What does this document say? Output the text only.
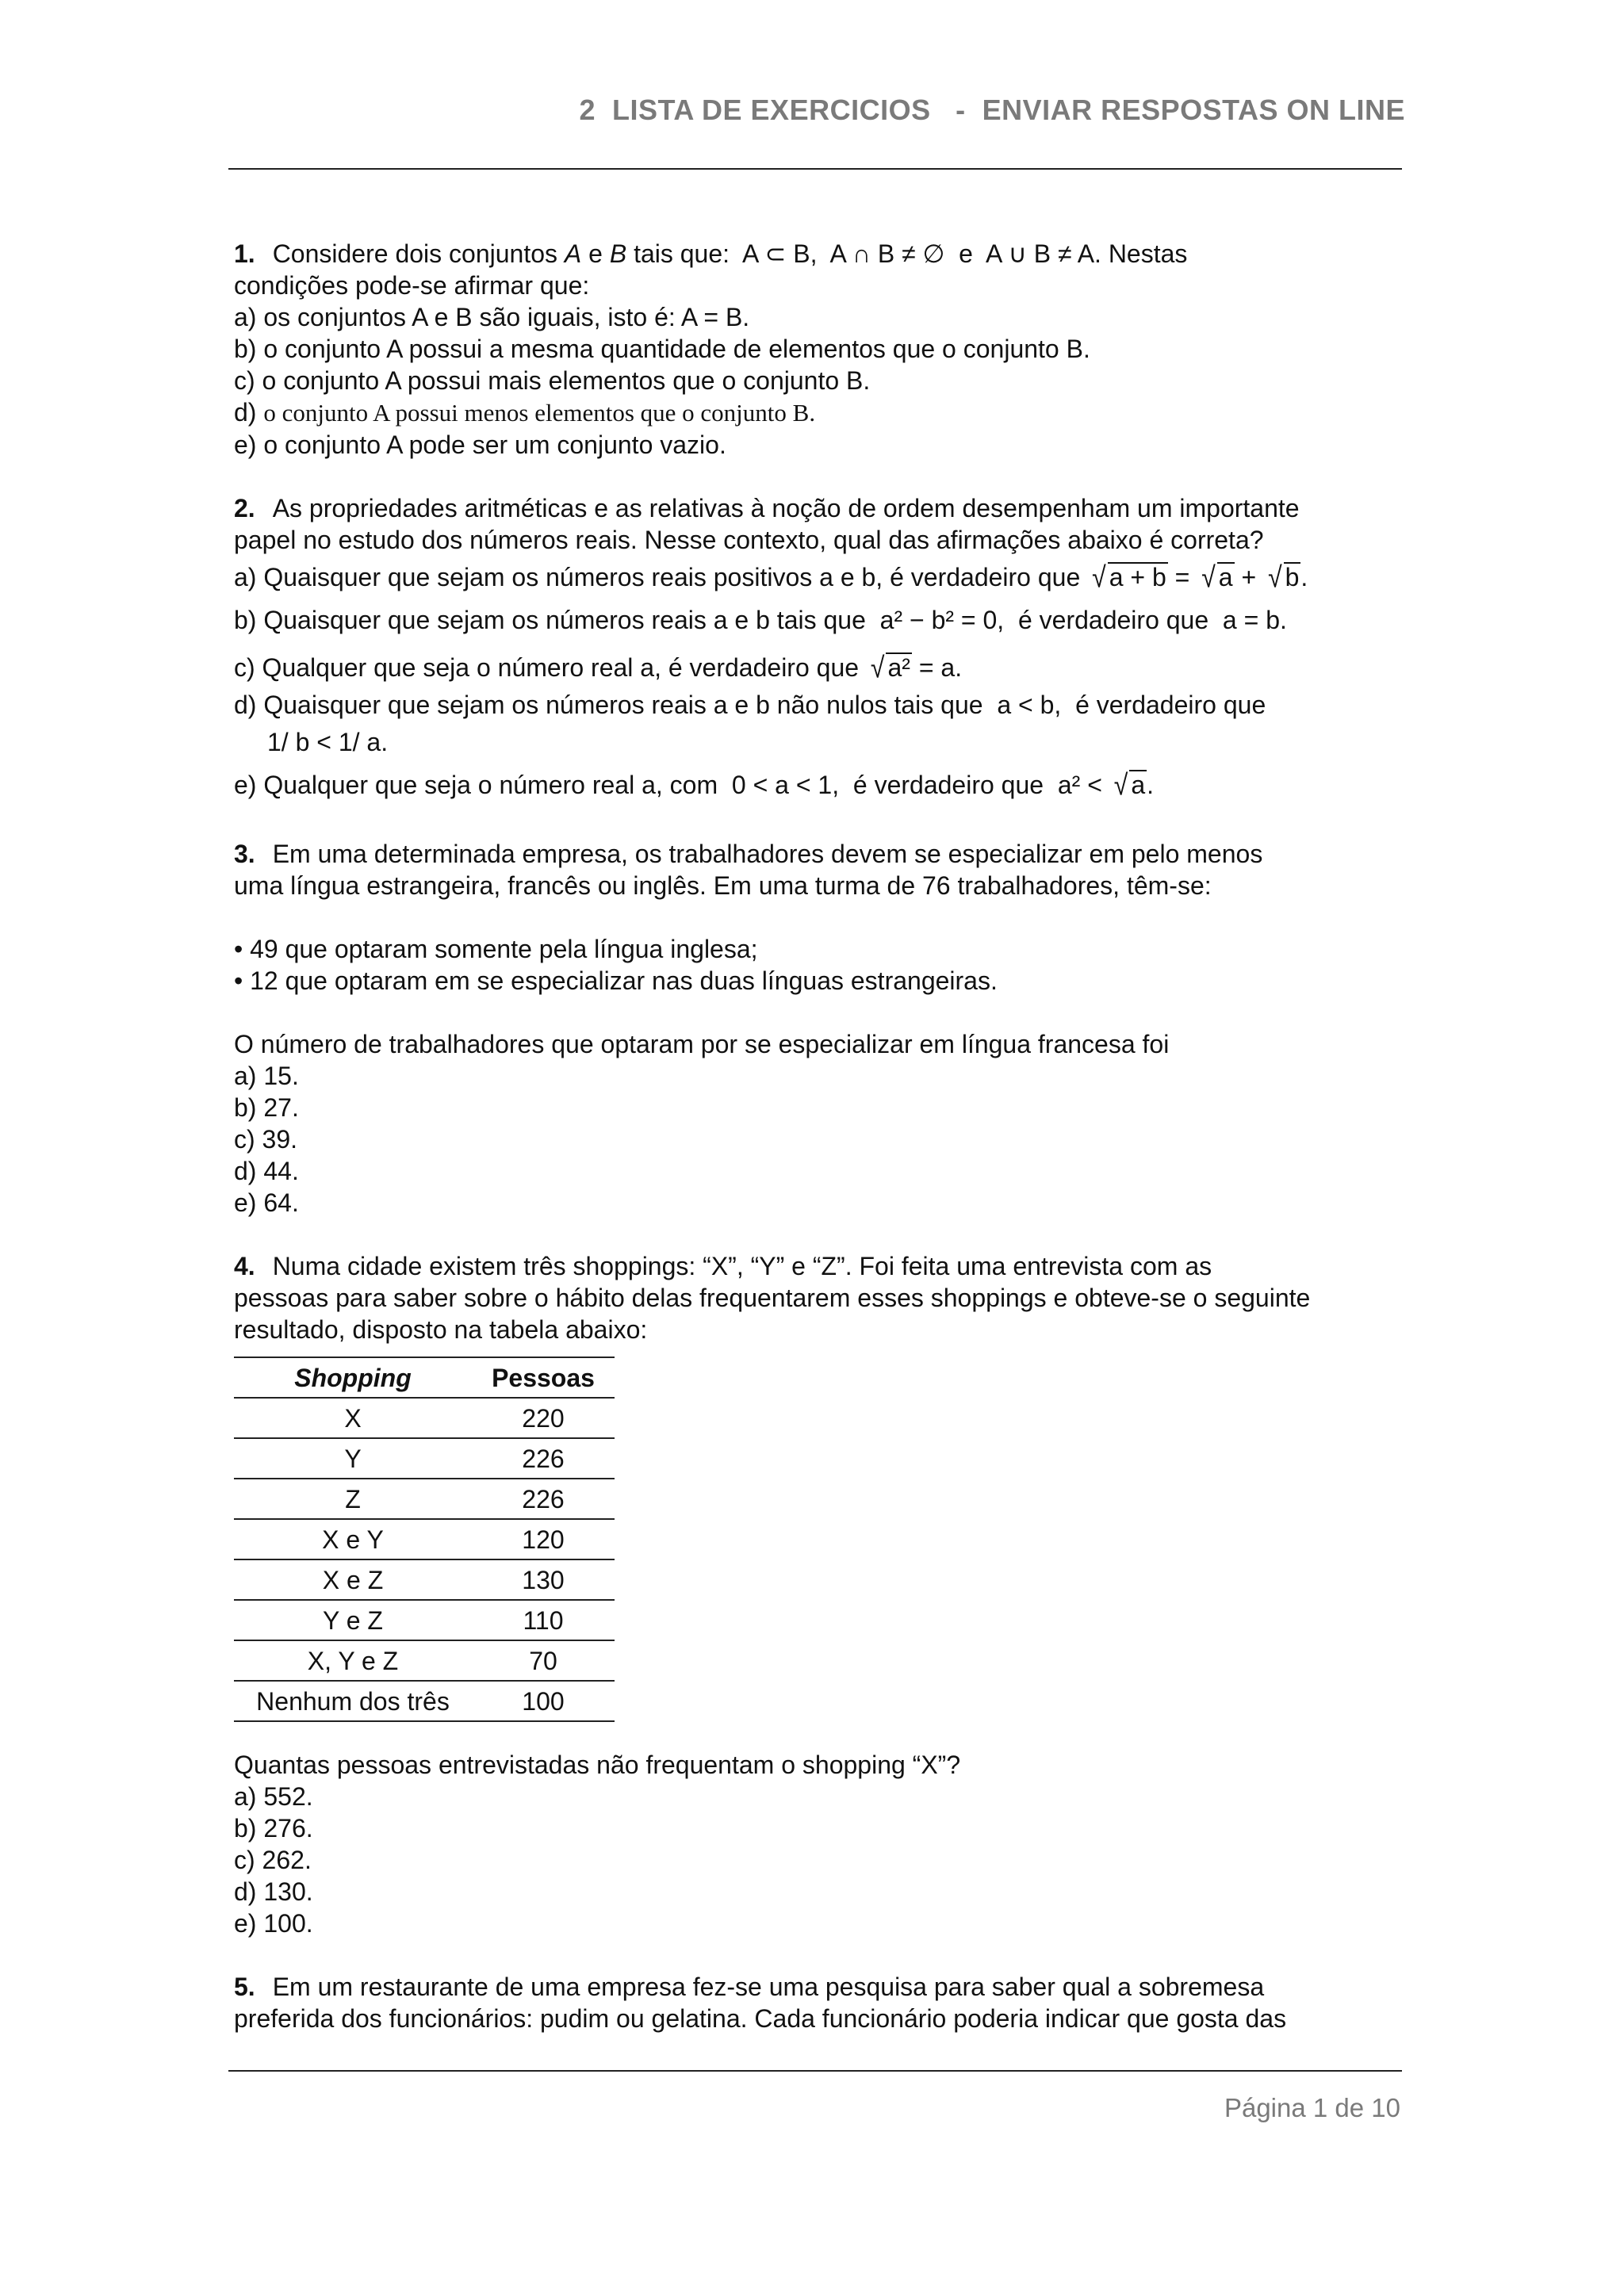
2  LISTA DE EXERCICIOS   -  ENVIAR RESPOSTAS ON LINE

1. Considere dois conjuntos A e B tais que: A ⊂ B, A ∩ B ≠ ∅ e A ∪ B ≠ A. Nestas

condições pode-se afirmar que:

a) os conjuntos A e B são iguais, isto é: A = B.

b) o conjunto A possui a mesma quantidade de elementos que o conjunto B.

c) o conjunto A possui mais elementos que o conjunto B.

d) o conjunto A possui menos elementos que o conjunto B.

e) o conjunto A pode ser um conjunto vazio.

2. As propriedades aritméticas e as relativas à noção de ordem desempenham um importante

papel no estudo dos números reais. Nesse contexto, qual das afirmações abaixo é correta?

a) Quaisquer que sejam os números reais positivos a e b, é verdadeiro que √ a + b = √ a + √ b.

b) Quaisquer que sejam os números reais a e b tais que a² − b² = 0, é verdadeiro que a = b.

c) Qualquer que seja o número real a, é verdadeiro que √ a² = a.

d) Quaisquer que sejam os números reais a e b não nulos tais que a < b, é verdadeiro que

1/ b < 1/ a.

e) Qualquer que seja o número real a, com 0 < a < 1, é verdadeiro que a² < √ a.

3. Em uma determinada empresa, os trabalhadores devem se especializar em pelo menos

uma língua estrangeira, francês ou inglês. Em uma turma de 76 trabalhadores, têm-se:

• 49 que optaram somente pela língua inglesa;

• 12 que optaram em se especializar nas duas línguas estrangeiras.

O número de trabalhadores que optaram por se especializar em língua francesa foi

a) 15.

b) 27.

c) 39.

d) 44.

e) 64.

4. Numa cidade existem três shoppings: “X”, “Y” e “Z”. Foi feita uma entrevista com as

pessoas para saber sobre o hábito delas frequentarem esses shoppings e obteve-se o seguinte

resultado, disposto na tabela abaixo:

Shopping	Pessoas
X	220
Y	226
Z	226
X e Y	120
X e Z	130
Y e Z	110
X, Y e Z	70
Nenhum dos três	100

Quantas pessoas entrevistadas não frequentam o shopping “X”?

a) 552.

b) 276.

c) 262.

d) 130.

e) 100.

5. Em um restaurante de uma empresa fez-se uma pesquisa para saber qual a sobremesa

preferida dos funcionários: pudim ou gelatina. Cada funcionário poderia indicar que gosta das

Página 1 de 10
